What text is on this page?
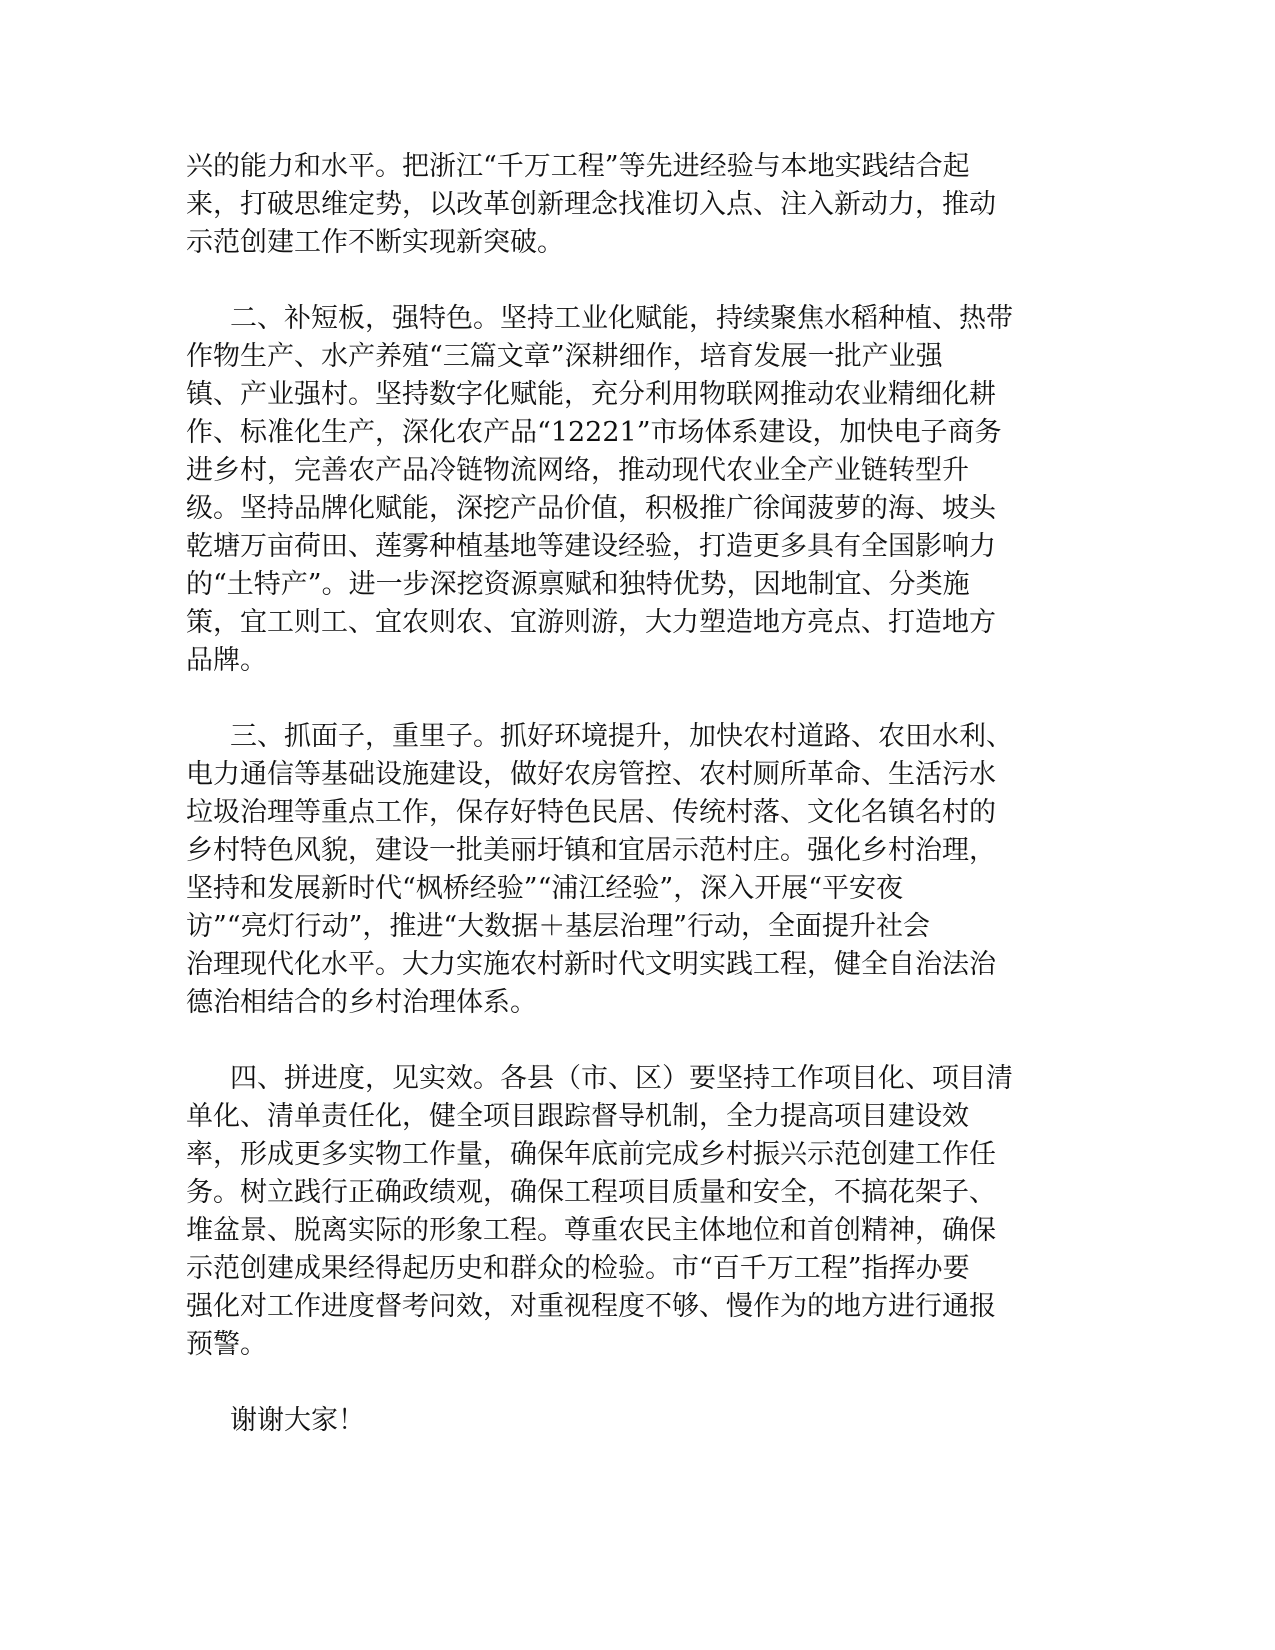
兴的能力和水平。把浙江“千万工程”等先进经验与本地实践结合起
来，打破思维定势，以改革创新理念找准切入点、注入新动力，推动
示范创建工作不断实现新突破。
二、补短板，强特色。坚持工业化赋能，持续聚焦水稻种植、热带
作物生产、水产养殖“三篇文章”深耕细作，培育发展一批产业强
镇、产业强村。坚持数字化赋能，充分利用物联网推动农业精细化耕
作、标准化生产，深化农产品“12221”市场体系建设，加快电子商务
进乡村，完善农产品冷链物流网络，推动现代农业全产业链转型升
级。坚持品牌化赋能，深挖产品价值，积极推广徐闻菠萝的海、坡头
乾塘万亩荷田、莲雾种植基地等建设经验，打造更多具有全国影响力
的“土特产”。进一步深挖资源禀赋和独特优势，因地制宜、分类施
策，宜工则工、宜农则农、宜游则游，大力塑造地方亮点、打造地方
品牌。
三、抓面子，重里子。抓好环境提升，加快农村道路、农田水利、
电力通信等基础设施建设，做好农房管控、农村厕所革命、生活污水
垃圾治理等重点工作，保存好特色民居、传统村落、文化名镇名村的
乡村特色风貌，建设一批美丽圩镇和宜居示范村庄。强化乡村治理，
坚持和发展新时代“枫桥经验”“浦江经验”，深入开展“平安夜
访”“亮灯行动”，推进“大数据＋基层治理”行动，全面提升社会
治理现代化水平。大力实施农村新时代文明实践工程，健全自治法治
德治相结合的乡村治理体系。
四、拼进度，见实效。各县（市、区）要坚持工作项目化、项目清
单化、清单责任化，健全项目跟踪督导机制，全力提高项目建设效
率，形成更多实物工作量，确保年底前完成乡村振兴示范创建工作任
务。树立践行正确政绩观，确保工程项目质量和安全，不搞花架子、
堆盆景、脱离实际的形象工程。尊重农民主体地位和首创精神，确保
示范创建成果经得起历史和群众的检验。市“百千万工程”指挥办要
强化对工作进度督考问效，对重视程度不够、慢作为的地方进行通报
预警。
谢谢大家！
